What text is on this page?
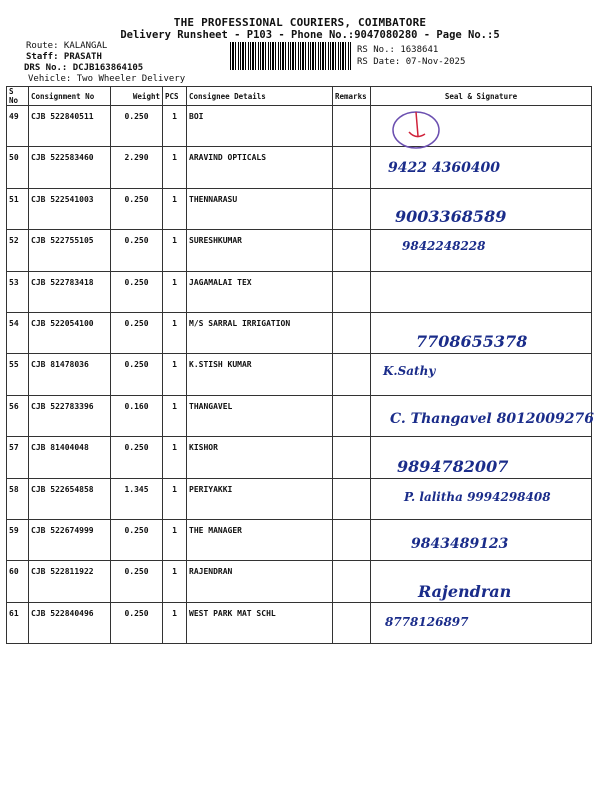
THE PROFESSIONAL COURIERS, COIMBATORE
Delivery Runsheet - P103 - Phone No.:9047080280 - Page No.:5
Route: KALANGAL
Staff: PRASATH
DRS No.: DCJB163864105
Vehicle: Two Wheeler Delivery
RS No.: 1638641
RS Date: 07-Nov-2025
S No	Consignment No	Weight	PCS	Consignee Details	Remarks	Seal & Signature
49	CJB 522840511	0.250	1	BOI		

50	CJB 522583460	2.290	1	ARAVIND OPTICALS		9422 4360400

51	CJB 522541003	0.250	1	THENNARASU		9003368589

52	CJB 522755105	0.250	1	SURESHKUMAR		9842248228

53	CJB 522783418	0.250	1	JAGAMALAI TEX		

54	CJB 522054100	0.250	1	M/S SARRAL IRRIGATION		7708655378

55	CJB 81478036	0.250	1	K.STISH KUMAR		K.Sathy

56	CJB 522783396	0.160	1	THANGAVEL		C. Thangavel 8012009276

57	CJB 81404048	0.250	1	KISHOR		9894782007

58	CJB 522654858	1.345	1	PERIYAKKI		P. lalitha 9994298408

59	CJB 522674999	0.250	1	THE MANAGER		9843489123

60	CJB 522811922	0.250	1	RAJENDRAN		Rajendran

61	CJB 522840496	0.250	1	WEST PARK MAT SCHL		8778126897
